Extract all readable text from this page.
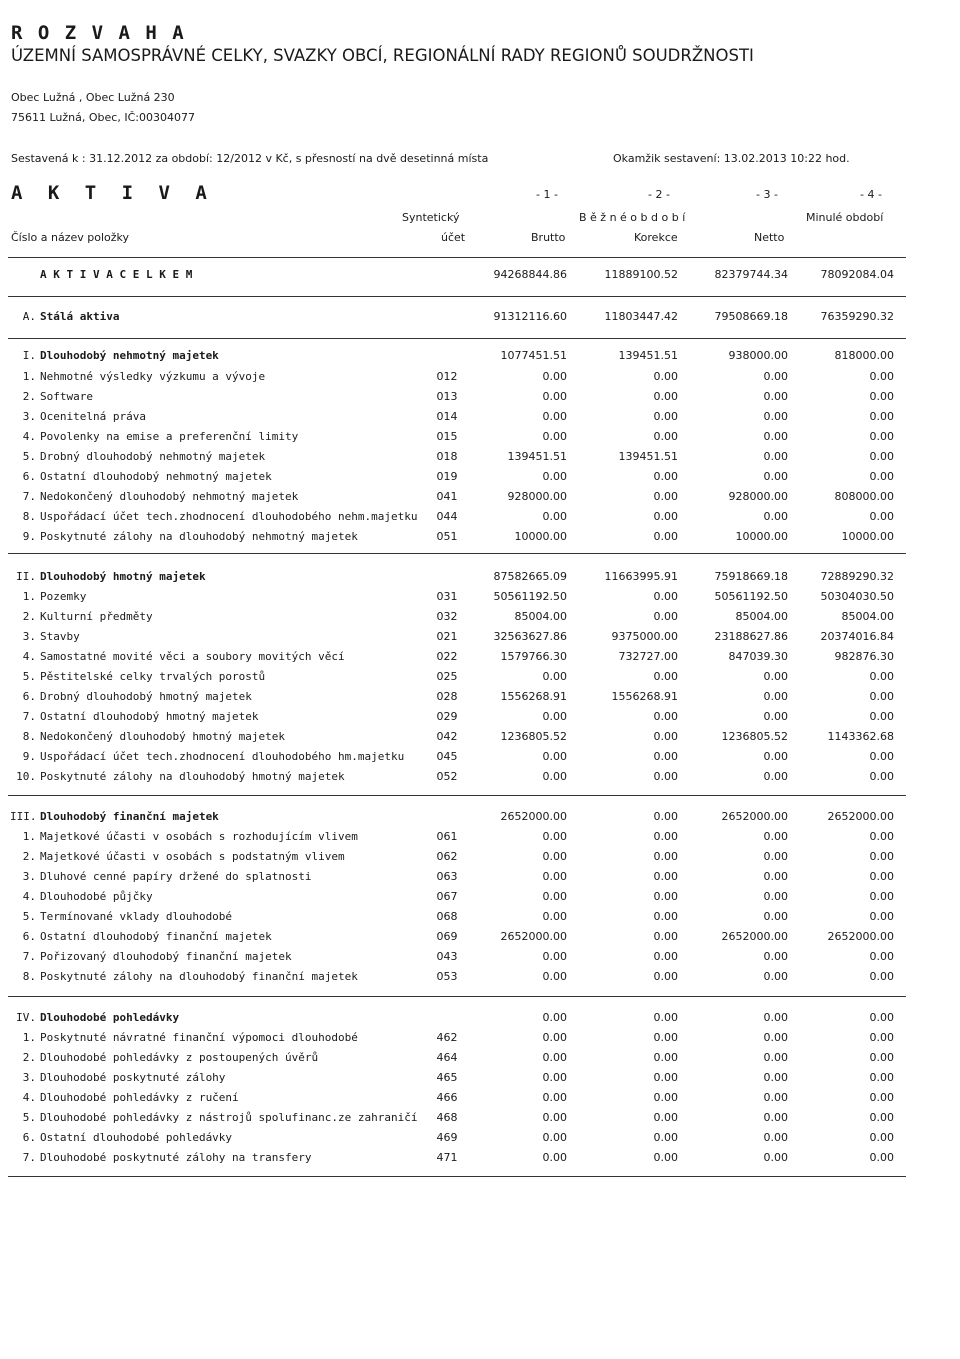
R O Z V A H A
ÚZEMNÍ SAMOSPRÁVNÉ CELKY, SVAZKY OBCÍ, REGIONÁLNÍ RADY REGIONŮ SOUDRŽNOSTI
Obec Lužná , Obec Lužná 230
75611 Lužná, Obec, IČ:00304077
Sestavená k : 31.12.2012 za období: 12/2012 v Kč, s přesností na dvě desetinná místa	Okamžik sestavení: 13.02.2013 10:22 hod.
A K T I V A	- 1 -	- 2 -	- 3 -	- 4 -
Syntetický	B ě ž n é o b d o b í	Minulé období
Číslo a název položky	účet	Brutto	Korekce	Netto
A K T I V A C E L K E M	94268844.86	11889100.52	82379744.34	78092084.04
A. Stálá aktiva	91312116.60	11803447.42	79508669.18	76359290.32
I. Dlouhodobý nehmotný majetek	1077451.51	139451.51	938000.00	818000.00
1. Nehmotné výsledky výzkumu a vývoje	012	0.00	0.00	0.00	0.00
2. Software	013	0.00	0.00	0.00	0.00
3. Ocenitelná práva	014	0.00	0.00	0.00	0.00
4. Povolenky na emise a preferenční limity	015	0.00	0.00	0.00	0.00
5. Drobný dlouhodobý nehmotný majetek	018	139451.51	139451.51	0.00	0.00
6. Ostatní dlouhodobý nehmotný majetek	019	0.00	0.00	0.00	0.00
7. Nedokončený dlouhodobý nehmotný majetek	041	928000.00	0.00	928000.00	808000.00
8. Uspořádací účet tech.zhodnocení dlouhodobého nehm.majetku	044	0.00	0.00	0.00	0.00
9. Poskytnuté zálohy na dlouhodobý nehmotný majetek	051	10000.00	0.00	10000.00	10000.00
II. Dlouhodobý hmotný majetek	87582665.09	11663995.91	75918669.18	72889290.32
1. Pozemky	031	50561192.50	0.00	50561192.50	50304030.50
2. Kulturní předměty	032	85004.00	0.00	85004.00	85004.00
3. Stavby	021	32563627.86	9375000.00	23188627.86	20374016.84
4. Samostatné movité věci a soubory movitých věcí	022	1579766.30	732727.00	847039.30	982876.30
5. Pěstitelské celky trvalých porostů	025	0.00	0.00	0.00	0.00
6. Drobný dlouhodobý hmotný majetek	028	1556268.91	1556268.91	0.00	0.00
7. Ostatní dlouhodobý hmotný majetek	029	0.00	0.00	0.00	0.00
8. Nedokončený dlouhodobý hmotný majetek	042	1236805.52	0.00	1236805.52	1143362.68
9. Uspořádací účet tech.zhodnocení dlouhodobého hm.majetku	045	0.00	0.00	0.00	0.00
10. Poskytnuté zálohy na dlouhodobý hmotný majetek	052	0.00	0.00	0.00	0.00
III. Dlouhodobý finanční majetek	2652000.00	0.00	2652000.00	2652000.00
1. Majetkové účasti v osobách s rozhodujícím vlivem	061	0.00	0.00	0.00	0.00
2. Majetkové účasti v osobách s podstatným vlivem	062	0.00	0.00	0.00	0.00
3. Dluhové cenné papíry držené do splatnosti	063	0.00	0.00	0.00	0.00
4. Dlouhodobé půjčky	067	0.00	0.00	0.00	0.00
5. Termínované vklady dlouhodobé	068	0.00	0.00	0.00	0.00
6. Ostatní dlouhodobý finanční majetek	069	2652000.00	0.00	2652000.00	2652000.00
7. Pořizovaný dlouhodobý finanční majetek	043	0.00	0.00	0.00	0.00
8. Poskytnuté zálohy na dlouhodobý finanční majetek	053	0.00	0.00	0.00	0.00
IV. Dlouhodobé pohledávky	0.00	0.00	0.00	0.00
1. Poskytnuté návratné finanční výpomoci dlouhodobé	462	0.00	0.00	0.00	0.00
2. Dlouhodobé pohledávky z postoupených úvěrů	464	0.00	0.00	0.00	0.00
3. Dlouhodobé poskytnuté zálohy	465	0.00	0.00	0.00	0.00
4. Dlouhodobé pohledávky z ručení	466	0.00	0.00	0.00	0.00
5. Dlouhodobé pohledávky z nástrojů spolufinanc.ze zahraničí	468	0.00	0.00	0.00	0.00
6. Ostatní dlouhodobé pohledávky	469	0.00	0.00	0.00	0.00
7. Dlouhodobé poskytnuté zálohy na transfery	471	0.00	0.00	0.00	0.00
